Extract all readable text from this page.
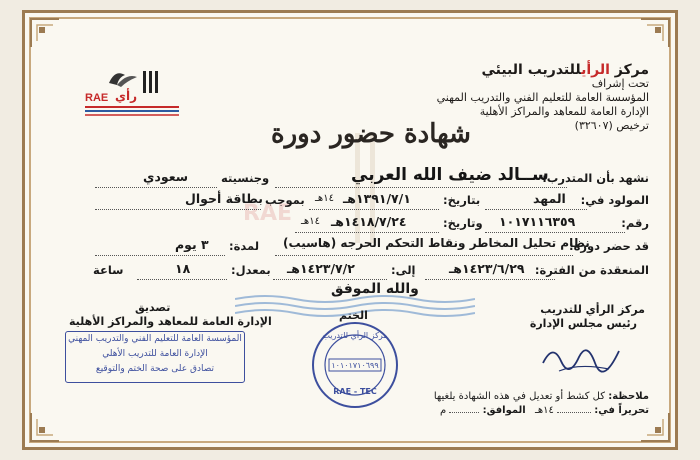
مركز الرأيللتدريب البيئي
تحت إشراف
المؤسسة العامة للتعليم الفني والتدريب المهني
الإدارة العامة للمعاهد والمراكز الأهلية
ترخيص (٣٢٦٠٧)
RAE رأي
شهادة حضور دورة
RAE
نشهد بأن المتدرب:
ســالد ضيف الله العربي
وجنسيته
سعودي
المولود في:
المهد
بتاريخ:
١٣٩١/٧/١هـ
١٤هـ
بموجب
بطاقة أحوال
رقم:
١٠١٧١١٦٣٥٩
وتاريخ:
١٤١٨/٧/٢٤هـ
١٤هـ
قد حضر دورة:
نظام تحليل المخاطر ونقاط التحكم الحرجه (هاسيب)
لمدة:
٣ يوم
المنعقدة من الفترة:
١٤٢٣/٦/٢٩هـ
إلى:
١٤٢٣/٧/٢هـ
بمعدل:
١٨
ساعة
والله الموفق
تصديق
الإدارة العامة للمعاهد والمراكز الأهلية
المؤسسة العامة للتعليم الفني والتدريب المهني
الإدارة العامة للتدريب الأهلي
تصادق على صحة الختم والتوقيع
الختم
مركز الرأي للتدريب
١٠١٠١٧١٠٦٩٩
RAE - TEC
مركز الرأي للتدريب
رئيس مجلس الإدارة
ملاحظة: كل كشط أو تعديل في هذه الشهادة يلغيها
تحريراً في:  ١٤هـ الموافق:  م
